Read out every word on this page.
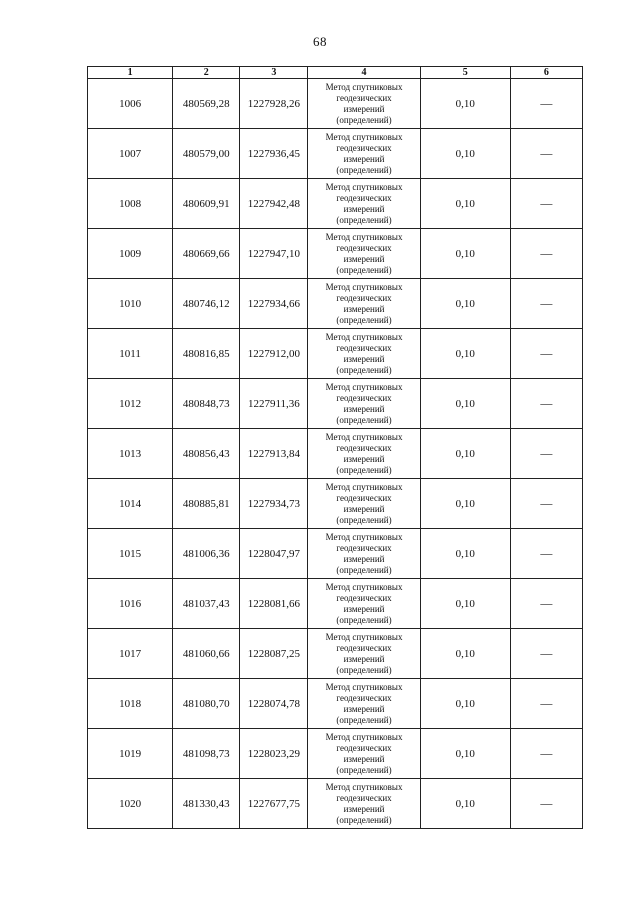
68
1	2	3	4	5	6
1006	480569,28	1227928,26	Метод спутниковых
геодезических
измерений
(определений)	0,10	—
1007	480579,00	1227936,45	Метод спутниковых
геодезических
измерений
(определений)	0,10	—
1008	480609,91	1227942,48	Метод спутниковых
геодезических
измерений
(определений)	0,10	—
1009	480669,66	1227947,10	Метод спутниковых
геодезических
измерений
(определений)	0,10	—
1010	480746,12	1227934,66	Метод спутниковых
геодезических
измерений
(определений)	0,10	—
1011	480816,85	1227912,00	Метод спутниковых
геодезических
измерений
(определений)	0,10	—
1012	480848,73	1227911,36	Метод спутниковых
геодезических
измерений
(определений)	0,10	—
1013	480856,43	1227913,84	Метод спутниковых
геодезических
измерений
(определений)	0,10	—
1014	480885,81	1227934,73	Метод спутниковых
геодезических
измерений
(определений)	0,10	—
1015	481006,36	1228047,97	Метод спутниковых
геодезических
измерений
(определений)	0,10	—
1016	481037,43	1228081,66	Метод спутниковых
геодезических
измерений
(определений)	0,10	—
1017	481060,66	1228087,25	Метод спутниковых
геодезических
измерений
(определений)	0,10	—
1018	481080,70	1228074,78	Метод спутниковых
геодезических
измерений
(определений)	0,10	—
1019	481098,73	1228023,29	Метод спутниковых
геодезических
измерений
(определений)	0,10	—
1020	481330,43	1227677,75	Метод спутниковых
геодезических
измерений
(определений)	0,10	—
